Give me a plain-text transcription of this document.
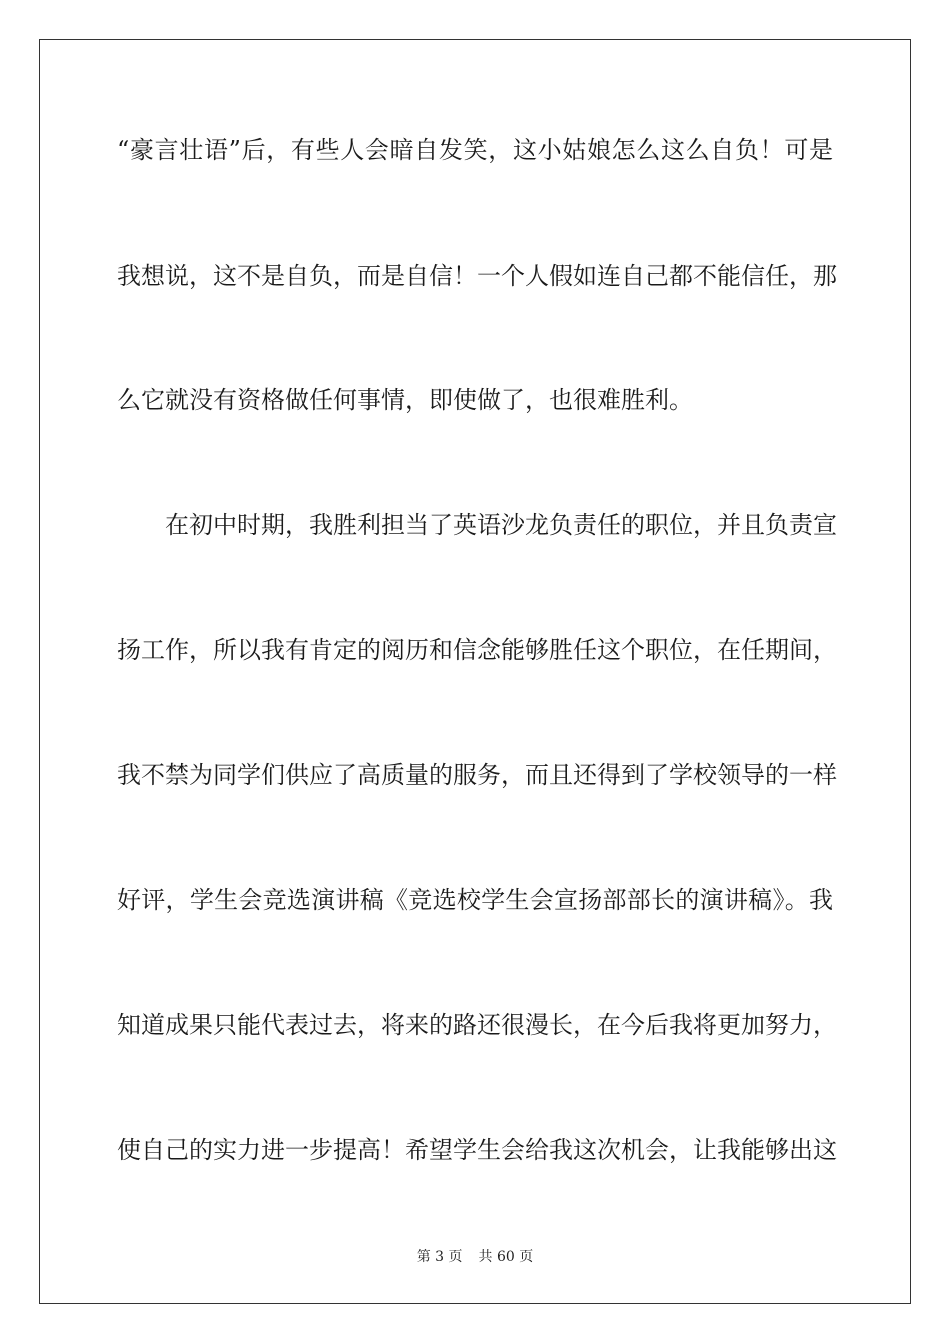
“豪言壮语”后，有些人会暗自发笑，这小姑娘怎么这么自负！可是
我想说，这不是自负，而是自信！一个人假如连自己都不能信任，那
么它就没有资格做任何事情，即使做了，也很难胜利。
在初中时期，我胜利担当了英语沙龙负责任的职位，并且负责宣
扬工作，所以我有肯定的阅历和信念能够胜任这个职位，在任期间，
我不禁为同学们供应了高质量的服务，而且还得到了学校领导的一样
好评，学生会竞选演讲稿《竞选校学生会宣扬部部长的演讲稿》。我
知道成果只能代表过去，将来的路还很漫长，在今后我将更加努力，
使自己的实力进一步提高！希望学生会给我这次机会，让我能够出这
第 3 页 共 60 页
